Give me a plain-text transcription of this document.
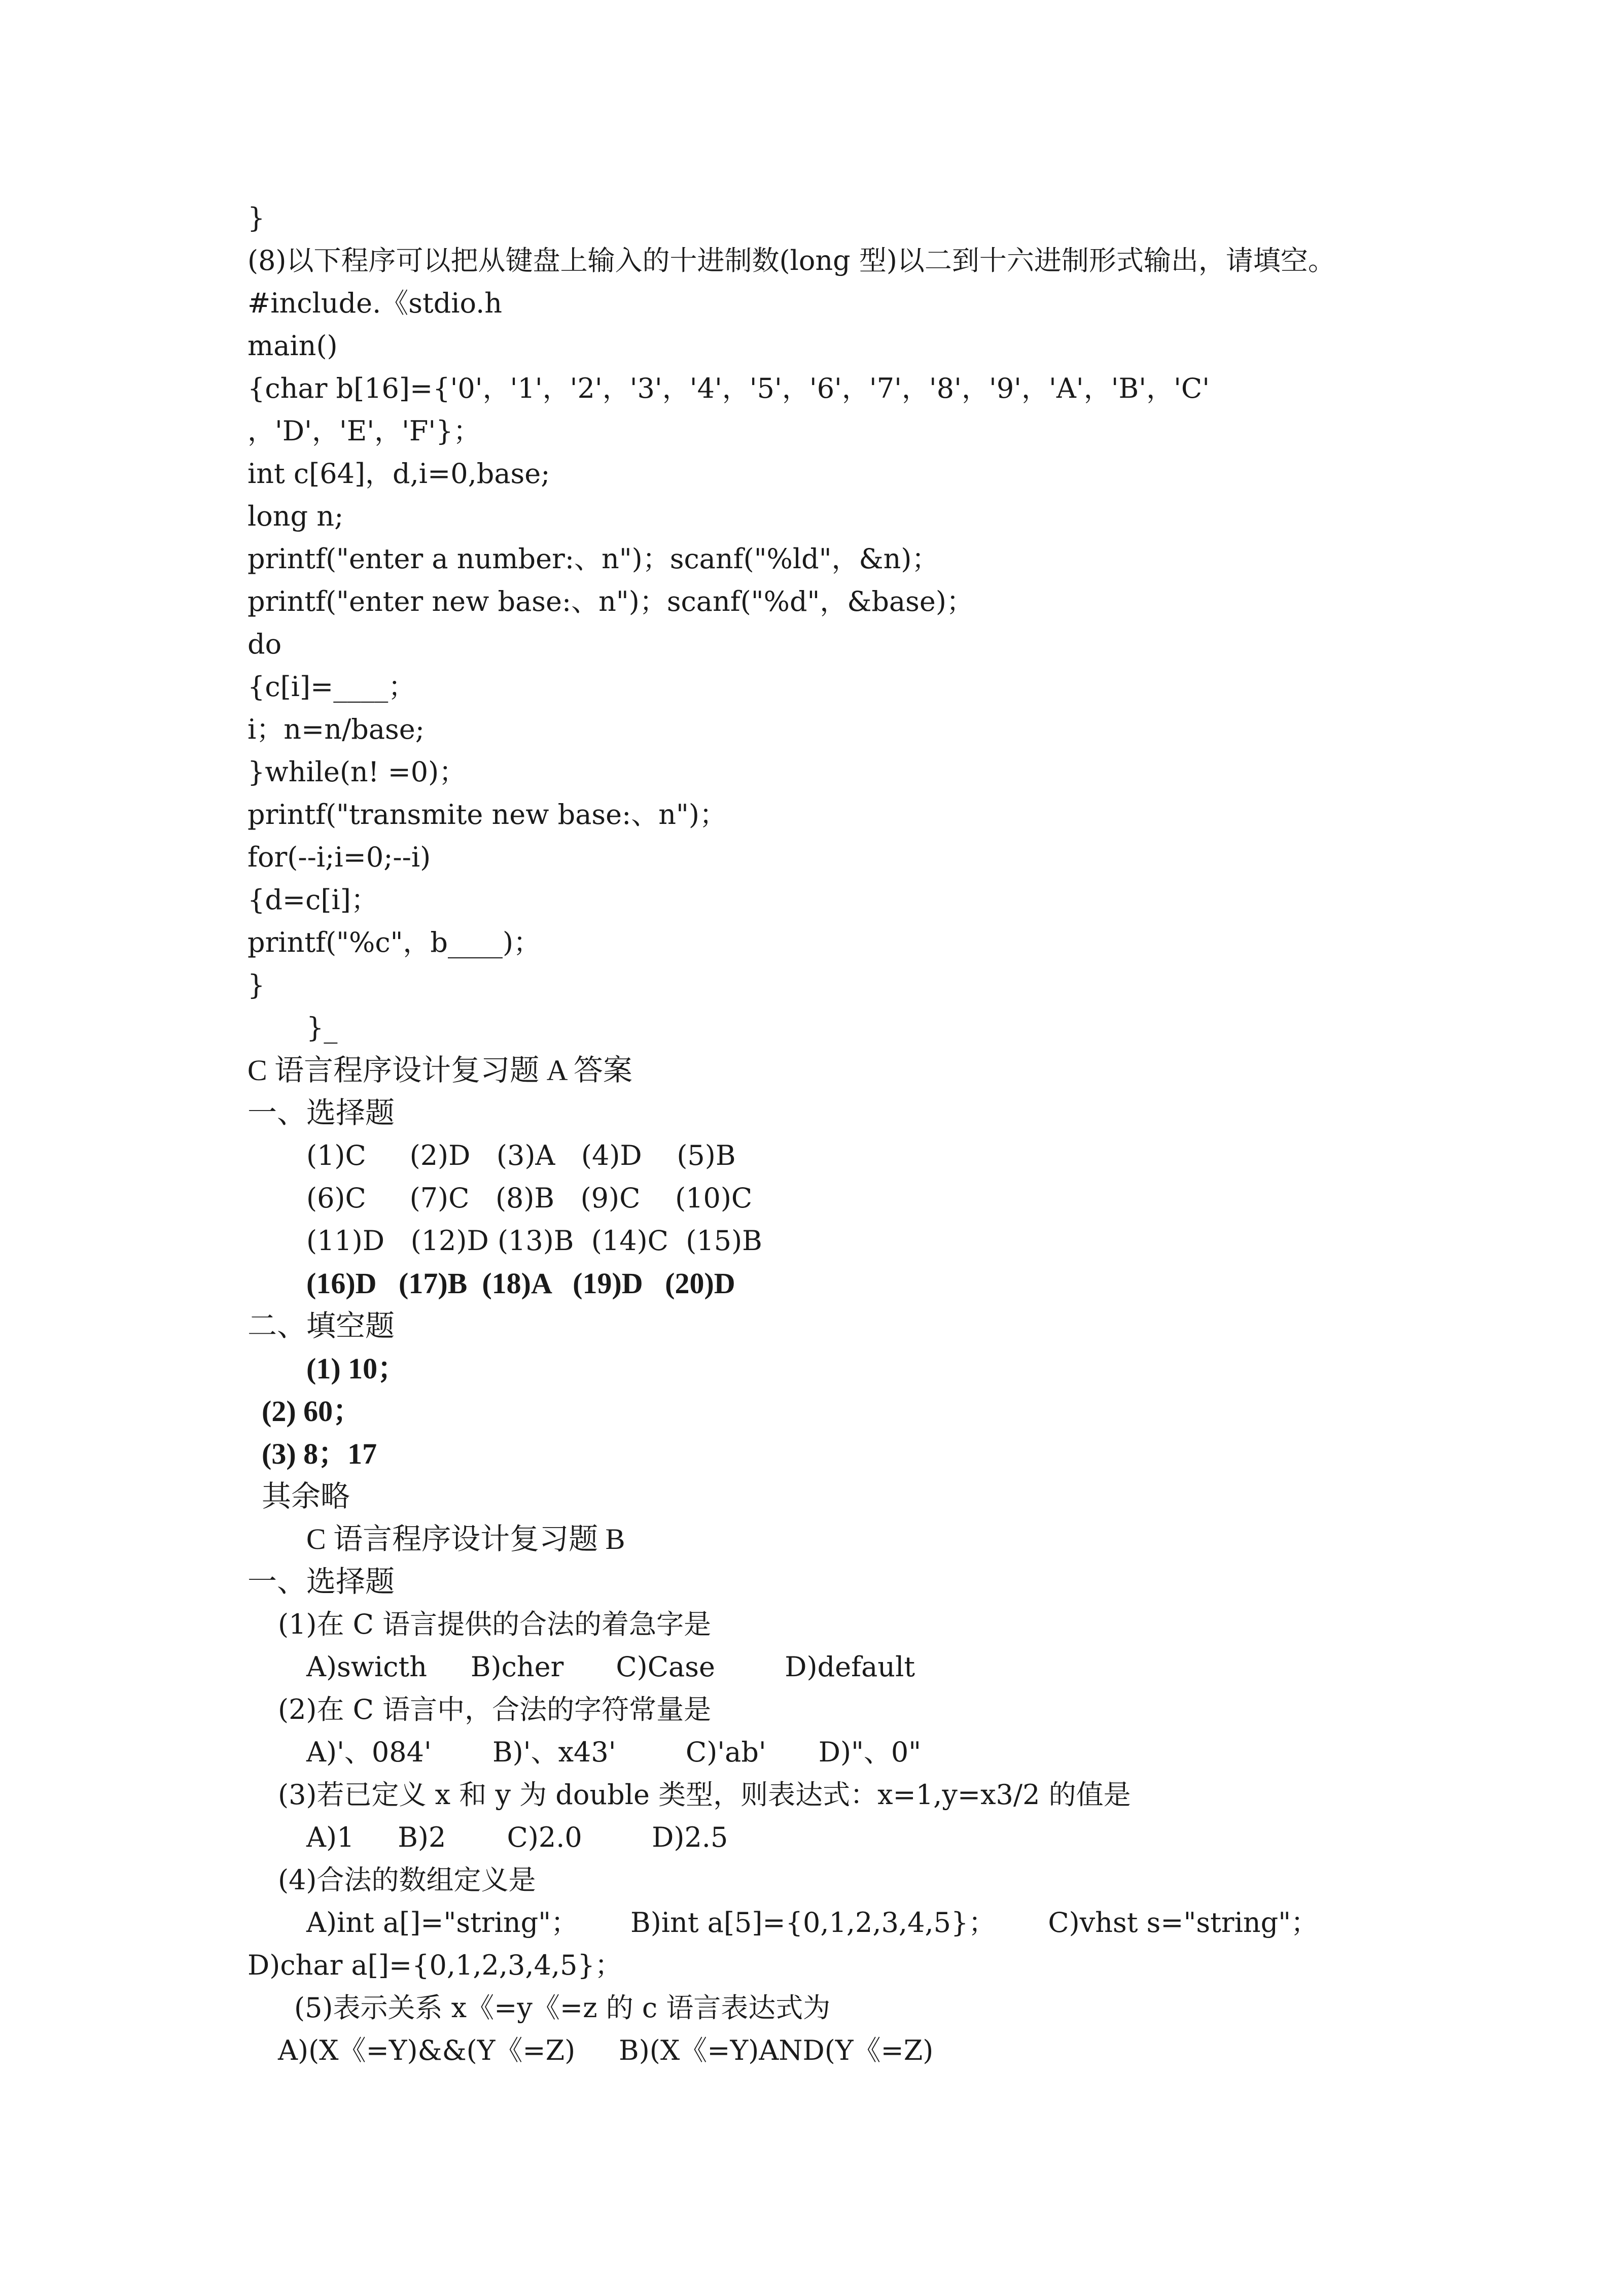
}
(8)以下程序可以把从键盘上输入的十进制数(long 型)以二到十六进制形式输出，请填空。
#include.《stdio.h
main()
{char b[16]={'0'，'1'，'2'，'3'，'4'，'5'，'6'，'7'，'8'，'9'，'A'，'B'，'C'
，'D'，'E'，'F'}；
int c[64]，d,i=0,base;
long n;
printf("enter a number:、n")；scanf("%ld"，&n)；
printf("enter new base:、n")；scanf("%d"，&base)；
do
{c[i]=____；
i；n=n/base;
}while(n! =0)；
printf("transmite new base:、n")；
for(--i;i=0;--i)
{d=c[i]；
printf("%c"，b____)；
}
}_
C 语言程序设计复习题 A 答案
一、选择题
(1)C     (2)D   (3)A   (4)D    (5)B
(6)C     (7)C   (8)B   (9)C    (10)C
(11)D   (12)D (13)B  (14)C  (15)B
(16)D   (17)B  (18)A   (19)D   (20)D
二、填空题
(1) 10；
(2) 60；
(3) 8；17
其余略
C 语言程序设计复习题 B
一、选择题
(1)在 C 语言提供的合法的着急字是
A)swicth     B)cher      C)Case        D)default
(2)在 C 语言中，合法的字符常量是
A)'、084'       B)'、x43'        C)'ab'      D)"、0"
(3)若已定义 x 和 y 为 double 类型，则表达式：x=1,y=x3/2 的值是
A)1     B)2       C)2.0        D)2.5
(4)合法的数组定义是
A)int a[]="string"；      B)int a[5]={0,1,2,3,4,5}；      C)vhst s="string"；
D)char a[]={0,1,2,3,4,5}；
(5)表示关系 x《=y《=z 的 c 语言表达式为
A)(X《=Y)&&(Y《=Z)     B)(X《=Y)AND(Y《=Z)
